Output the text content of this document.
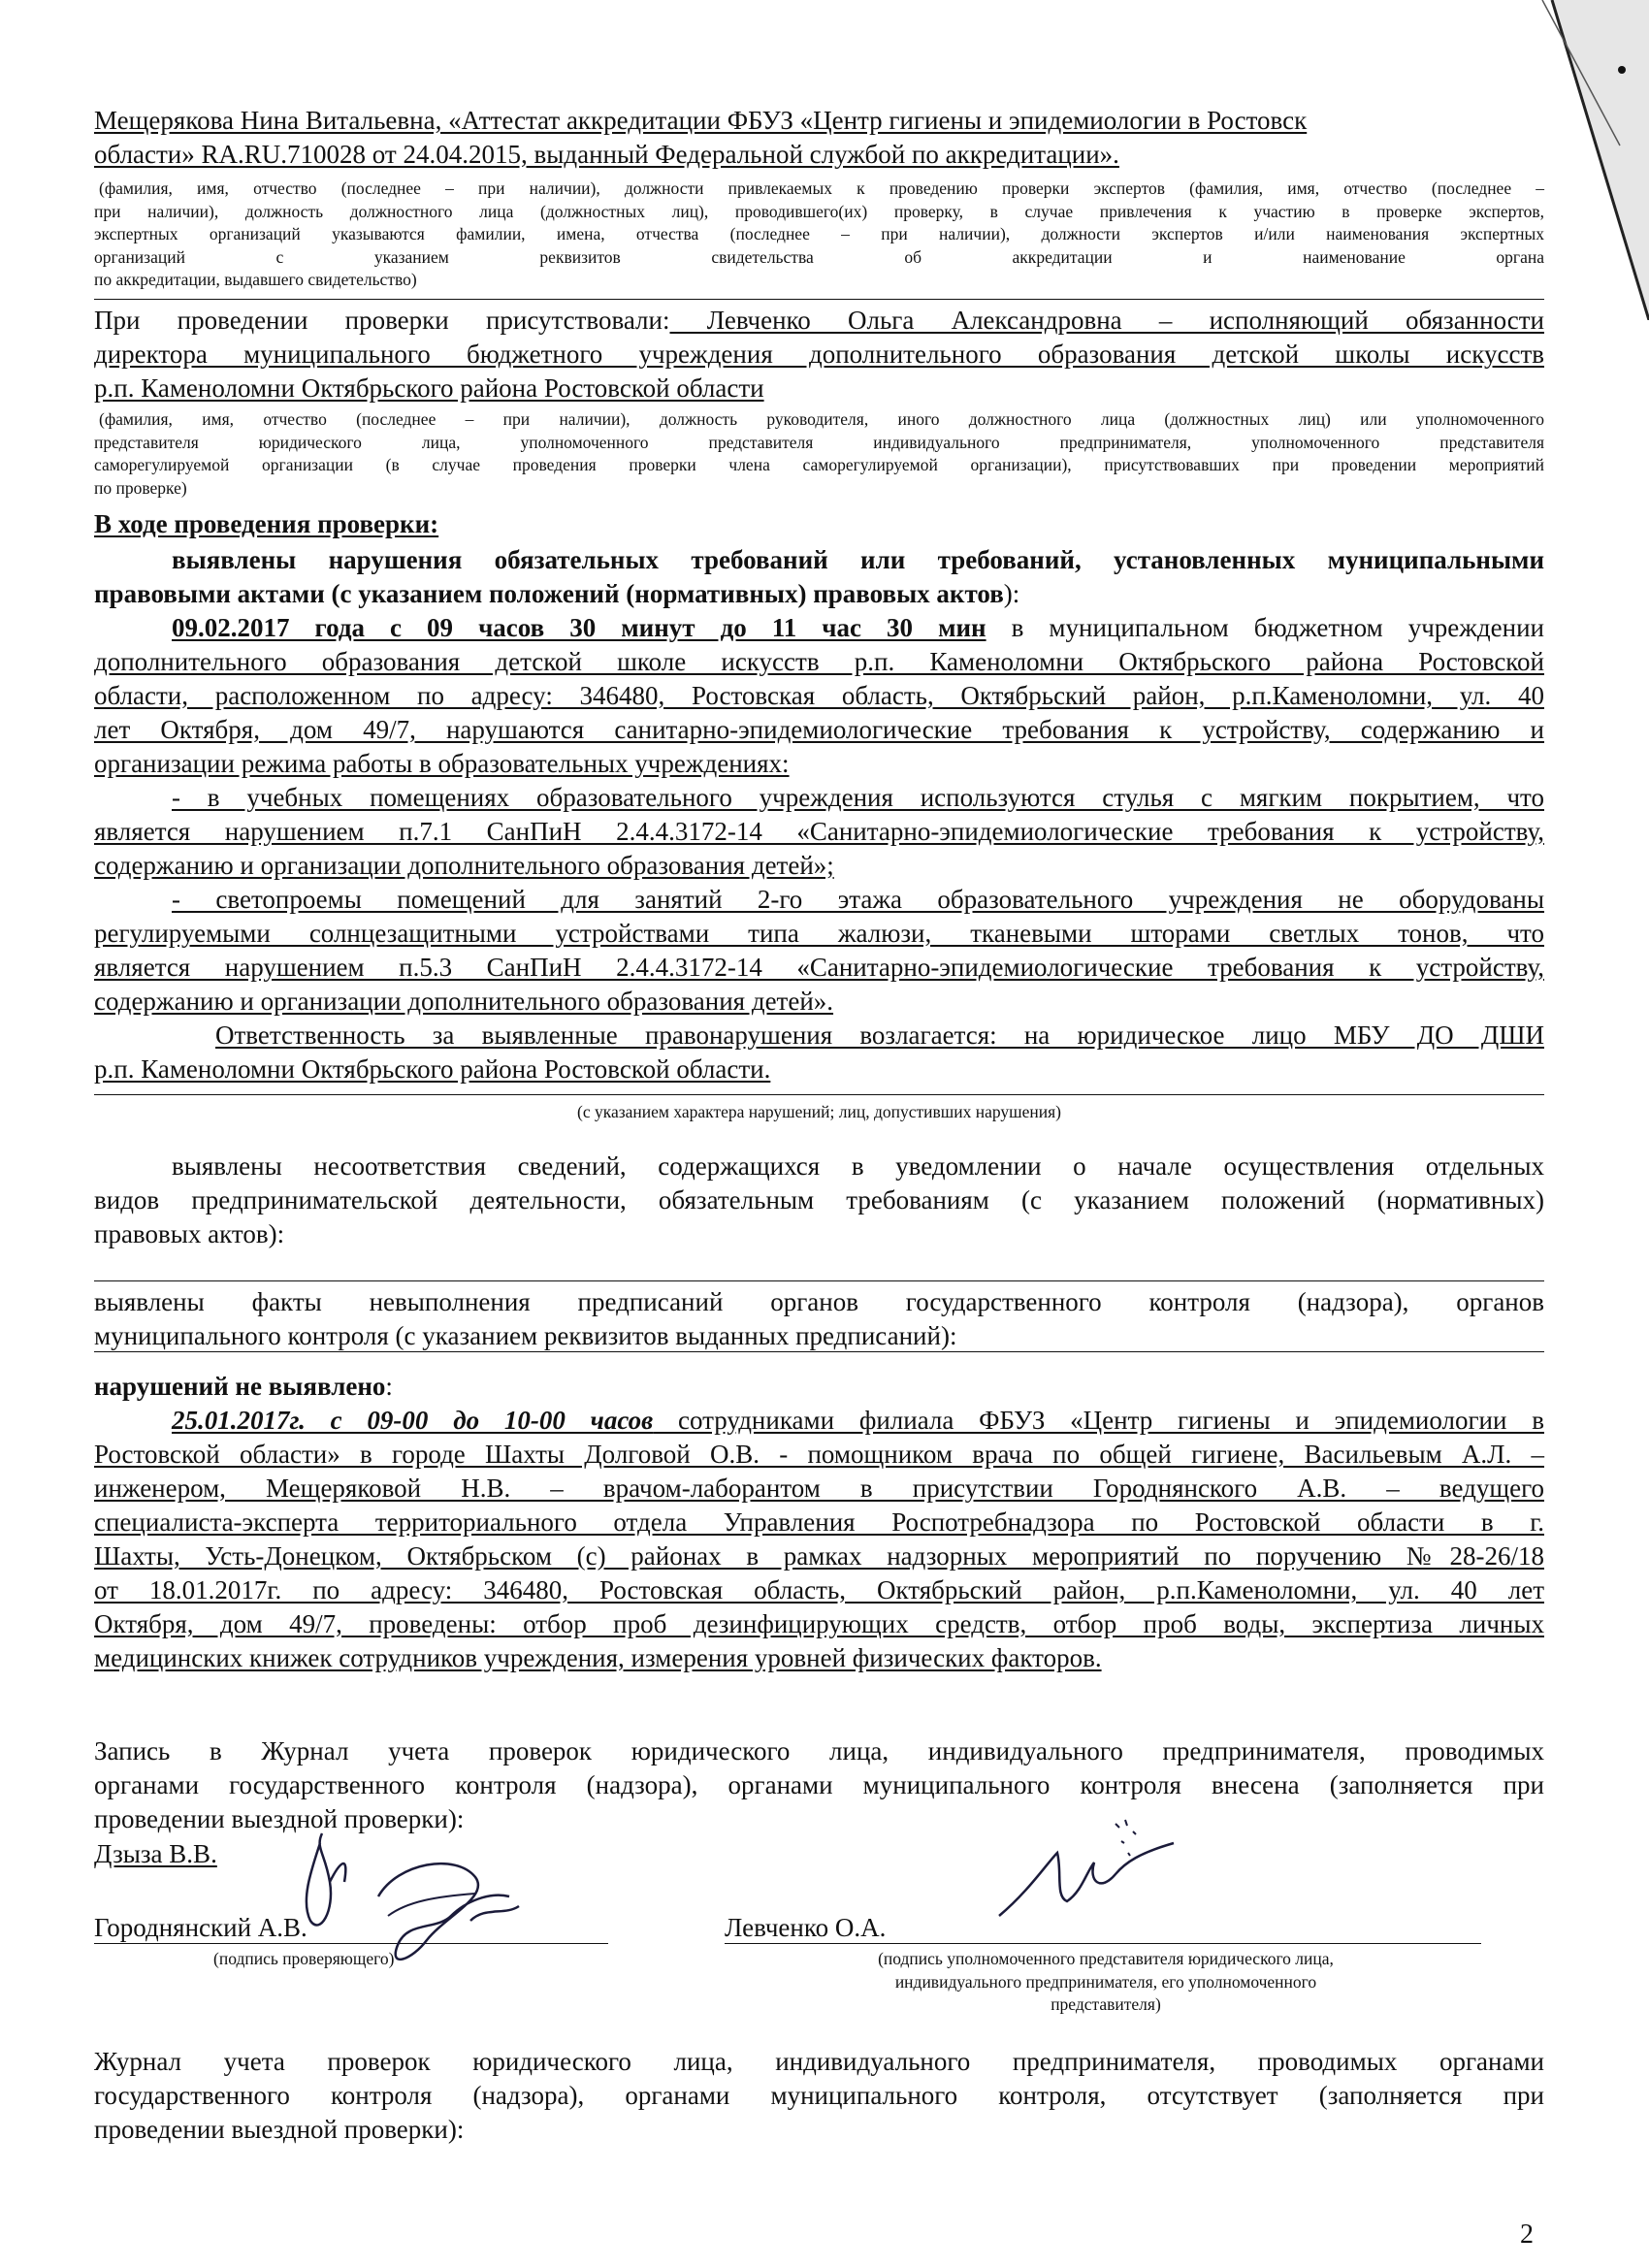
Мещерякова Нина Витальевна, «Аттестат аккредитации ФБУЗ «Центр гигиены и эпидемиологии в Ростовск
области» RA.RU.710028 от 24.04.2015, выданный Федеральной службой по аккредитации».
(фамилия, имя, отчество (последнее – при наличии), должности привлекаемых к проведению проверки экспертов (фамилия, имя, отчество (последнее –
при наличии), должность должностного лица (должностных лиц), проводившего(их) проверку, в случае привлечения к участию в проверке экспертов,
экспертных организаций указываются фамилии, имена, отчества (последнее – при наличии), должности экспертов и/или наименования экспертных
организаций с указанием реквизитов свидетельства об аккредитации и наименование органа
по аккредитации, выдавшего свидетельство)
При проведении проверки присутствовали: Левченко Ольга Александровна – исполняющий обязанности
директора муниципального бюджетного учреждения дополнительного образования детской школы искусств
р.п. Каменоломни Октябрьского района Ростовской области
(фамилия, имя, отчество (последнее – при наличии), должность руководителя, иного должностного лица (должностных лиц) или уполномоченного
представителя юридического лица, уполномоченного представителя индивидуального предпринимателя, уполномоченного представителя
саморегулируемой организации (в случае проведения проверки члена саморегулируемой организации), присутствовавших при проведении мероприятий
по проверке)
В ходе проведения проверки:
выявлены нарушения обязательных требований или требований, установленных муниципальными
правовыми актами (с указанием положений (нормативных) правовых актов):
09.02.2017 года с 09 часов 30 минут до 11 час 30 мин в муниципальном бюджетном учреждении
дополнительного образования детской школе искусств р.п. Каменоломни Октябрьского района Ростовской
области, расположенном по адресу: 346480, Ростовская область, Октябрьский район, р.п.Каменоломни, ул. 40
лет Октября, дом 49/7, нарушаются санитарно-эпидемиологические требования к устройству, содержанию и
организации режима работы в образовательных учреждениях:
- в учебных помещениях образовательного учреждения используются стулья с мягким покрытием, что
является нарушением п.7.1 СанПиН 2.4.4.3172-14 «Санитарно-эпидемиологические требования к устройству,
содержанию и организации дополнительного образования детей»;
- светопроемы помещений для занятий 2-го этажа образовательного учреждения не оборудованы
регулируемыми солнцезащитными устройствами типа жалюзи, тканевыми шторами светлых тонов, что
является нарушением п.5.3 СанПиН 2.4.4.3172-14 «Санитарно-эпидемиологические требования к устройству,
содержанию и организации дополнительного образования детей».
Ответственность за выявленные правонарушения возлагается: на юридическое лицо МБУ ДО ДШИ
р.п. Каменоломни Октябрьского района Ростовской области.
(с указанием характера нарушений; лиц, допустивших нарушения)
выявлены несоответствия сведений, содержащихся в уведомлении о начале осуществления отдельных
видов предпринимательской деятельности, обязательным требованиям (с указанием положений (нормативных)
правовых актов):
выявлены факты невыполнения предписаний органов государственного контроля (надзора), органов
муниципального контроля (с указанием реквизитов выданных предписаний):
нарушений не выявлено:
25.01.2017г. с 09-00 до 10-00 часов сотрудниками филиала ФБУЗ «Центр гигиены и эпидемиологии в
Ростовской области» в городе Шахты Долговой О.В. - помощником врача по общей гигиене, Васильевым А.Л. –
инженером, Мещеряковой Н.В. – врачом-лаборантом в присутствии Городнянского А.В. – ведущего
специалиста-эксперта территориального отдела Управления Роспотребнадзора по Ростовской области в г.
Шахты, Усть-Донецком, Октябрьском (с) районах в рамках надзорных мероприятий по поручению №28-26/18
от 18.01.2017г. по адресу: 346480, Ростовская область, Октябрьский район, р.п.Каменоломни, ул. 40 лет
Октября, дом 49/7, проведены: отбор проб дезинфицирующих средств, отбор проб воды, экспертиза личных
медицинских книжек сотрудников учреждения, измерения уровней физических факторов.
Запись в Журнал учета проверок юридического лица, индивидуального предпринимателя, проводимых
органами государственного контроля (надзора), органами муниципального контроля внесена (заполняется при
проведении выездной проверки):
Дзыза В.В.
Городнянский А.В.
(подпись проверяющего)
Левченко О.А.
(подпись уполномоченного представителя юридического лица,
индивидуального предпринимателя, его уполномоченного
представителя)
Журнал учета проверок юридического лица, индивидуального предпринимателя, проводимых органами
государственного контроля (надзора), органами муниципального контроля, отсутствует (заполняется при
проведении выездной проверки):
2
